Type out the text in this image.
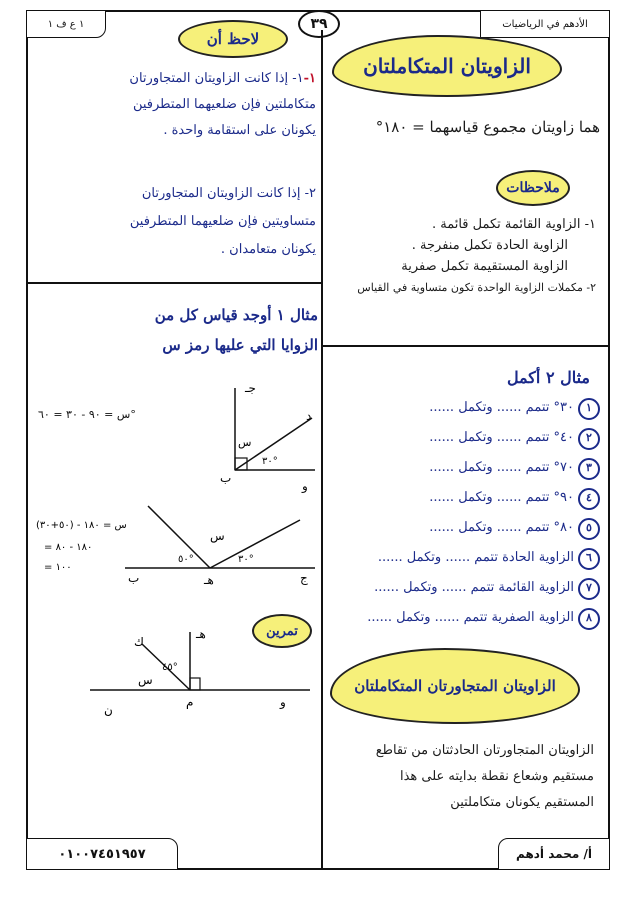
الأدهم في الرياضيات
١ ع ف ١	٣٩
الزاويتان المتكاملتان
هما زاويتان مجموع قياسهما = ١٨٠°
ملاحظات
١- الزاوية القائمة تكمل قائمة .
الزاوية الحادة تكمل منفرجة .
الزاوية المستقيمة تكمل صفرية
٢- مكملات الزاوية الواحدة تكون متساوية في القياس
مثال ٢ أكمل
١٣٠° تتمم ...... وتكمل ......
٢٤٠° تتمم ...... وتكمل ......
٣٧٠° تتمم ...... وتكمل ......
٤٩٠° تتمم ...... وتكمل ......
٥٨٠° تتمم ...... وتكمل ......
٦الزاوية الحادة تتمم ...... وتكمل ......
٧الزاوية القائمة تتمم ...... وتكمل ......
٨الزاوية الصفرية تتمم ...... وتكمل ......
الزاويتان المتجاورتان المتكاملتان
الزاويتان المتجاورتان الحادثتان من تقاطع
مستقيم وشعاع نقطة بدايته على هذا
المستقيم يكونان متكاملتين
لاحظ أن
١-١- إذا كانت الزاويتان المتجاورتان
متكاملتين فإن ضلعيهما المتطرفين
يكونان على استقامة واحدة .
٢- إذا كانت الزاويتان المتجاورتان
متساويتين فإن ضلعيهما المتطرفين
يكونان متعامدان .
مثال ١ أوجد قياس كل من
الزوايا التي عليها رمز س
جـ
ب
و
د
س
٣٠°
س = ٩٠ - ٣٠ = ٦٠°
ب	هـ	ج
٥٠°	٣٠°
س
س = ١٨٠ - (٥٠+٣٠)
= ١٨٠ - ٨٠
= ١٠٠
تمرين
هـ
ك
م
ن
و
٤٥°
س
٠١٠٠٧٤٥١٩٥٧	أ/ محمد أدهم
